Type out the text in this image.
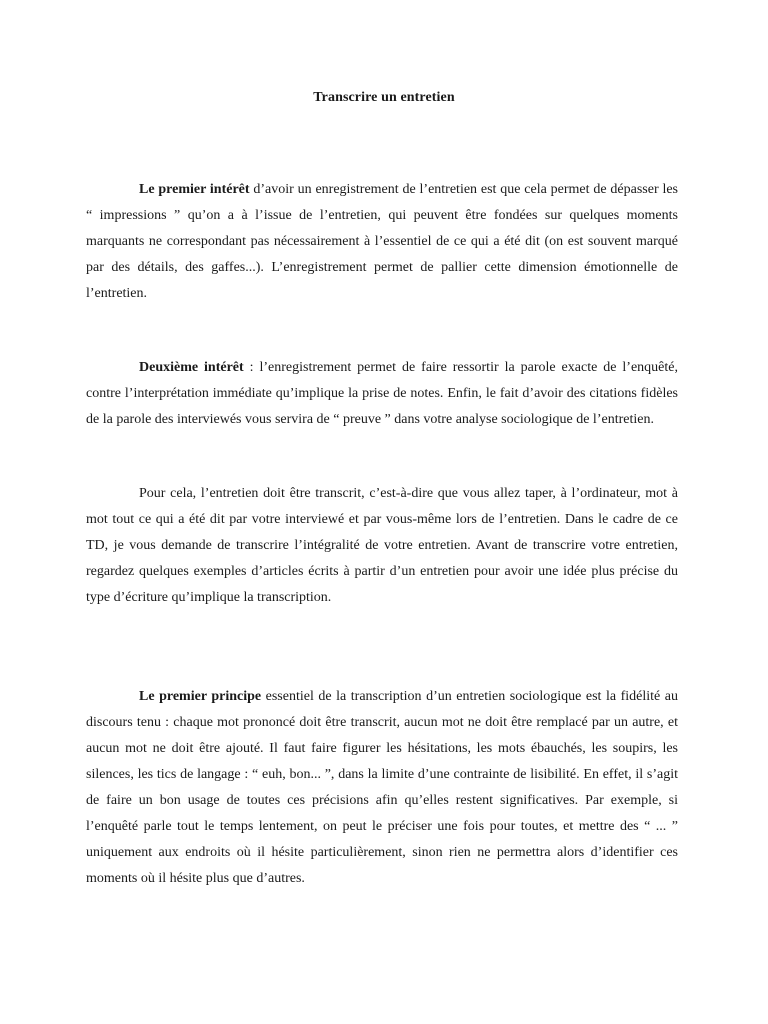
Transcrire un entretien

Le premier intérêt d’avoir un enregistrement de l’entretien est que cela permet de dépasser les “ impressions ” qu’on a à l’issue de l’entretien, qui peuvent être fondées sur quelques moments marquants ne correspondant pas nécessairement à l’essentiel de ce qui a été dit (on est souvent marqué par des détails, des gaffes...). L’enregistrement permet de pallier cette dimension émotionnelle de l’entretien.

Deuxième intérêt : l’enregistrement permet de faire ressortir la parole exacte de l’enquêté, contre l’interprétation immédiate qu’implique la prise de notes. Enfin, le fait d’avoir des citations fidèles de la parole des interviewés vous servira de “ preuve ” dans votre analyse sociologique de l’entretien.

Pour cela, l’entretien doit être transcrit, c’est-à-dire que vous allez taper, à l’ordinateur, mot à mot tout ce qui a été dit par votre interviewé et par vous-même lors de l’entretien. Dans le cadre de ce TD, je vous demande de transcrire l’intégralité de votre entretien. Avant de transcrire votre entretien, regardez quelques exemples d’articles écrits à partir d’un entretien pour avoir une idée plus précise du type d’écriture qu’implique la transcription.

Le premier principe essentiel de la transcription d’un entretien sociologique est la fidélité au discours tenu : chaque mot prononcé doit être transcrit, aucun mot ne doit être remplacé par un autre, et aucun mot ne doit être ajouté. Il faut faire figurer les hésitations, les mots ébauchés, les soupirs, les silences, les tics de langage : “ euh, bon... ”, dans la limite d’une contrainte de lisibilité. En effet, il s’agit de faire un bon usage de toutes ces précisions afin qu’elles restent significatives. Par exemple, si l’enquêté parle tout le temps lentement, on peut le préciser une fois pour toutes, et mettre des “ ... ” uniquement aux endroits où il hésite particulièrement, sinon rien ne permettra alors d’identifier ces moments où il hésite plus que d’autres.
